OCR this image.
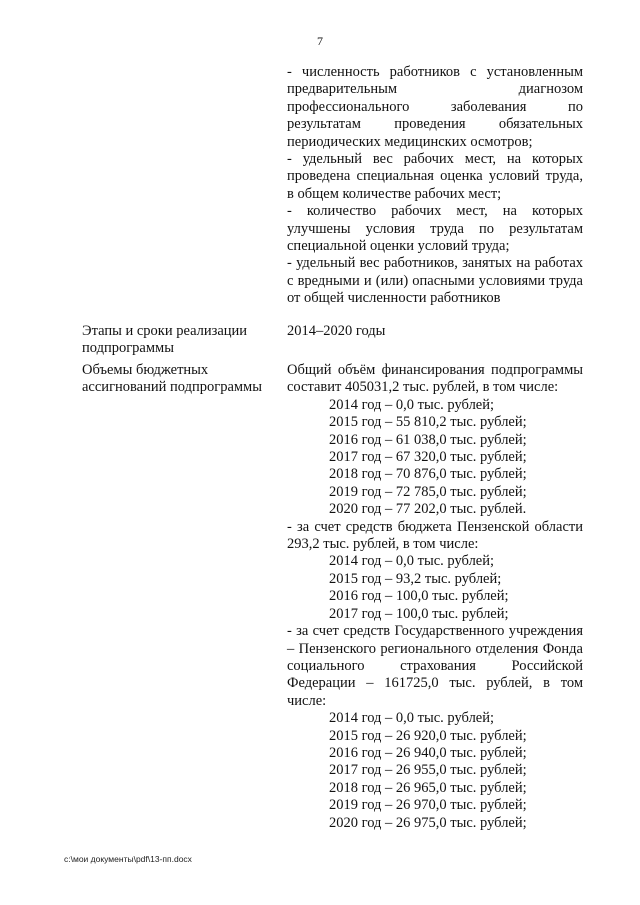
7

- численность работников с установленным предварительным диагнозом профессионального заболевания по результатам проведения обязательных периодических медицинских осмотров;

- удельный вес рабочих мест, на которых проведена специальная оценка условий труда, в общем количестве рабочих мест;

- количество рабочих мест, на которых улучшены условия труда по результатам специальной оценки условий труда;

- удельный вес работников, занятых на работах с вредными и (или) опасными условиями труда от общей численности работников

Этапы и сроки реализации подпрограммы
2014–2020 годы
Объемы бюджетных ассигнований подпрограммы

Общий объём финансирования подпрограммы составит 405031,2 тыс. рублей, в том числе:

2014 год – 0,0 тыс. рублей;

2015 год – 55 810,2 тыс. рублей;

2016 год – 61 038,0 тыс. рублей;

2017 год – 67 320,0 тыс. рублей;

2018 год – 70 876,0 тыс. рублей;

2019 год – 72 785,0 тыс. рублей;

2020 год – 77 202,0 тыс. рублей.

- за счет средств бюджета Пензенской области 293,2 тыс. рублей, в том числе:

2014 год – 0,0 тыс. рублей;

2015 год – 93,2 тыс. рублей;

2016 год – 100,0 тыс. рублей;

2017 год – 100,0 тыс. рублей;

- за счет средств Государственного учреждения – Пензенского регионального отделения Фонда социального страхования Российской Федерации – 161725,0 тыс. рублей, в том числе:

2014 год – 0,0 тыс. рублей;

2015 год – 26 920,0 тыс. рублей;

2016 год – 26 940,0 тыс. рублей;

2017 год – 26 955,0 тыс. рублей;

2018 год – 26 965,0 тыс. рублей;

2019 год – 26 970,0 тыс. рублей;

2020 год – 26 975,0 тыс. рублей;

c:\мои документы\pdf\13-пп.docx
